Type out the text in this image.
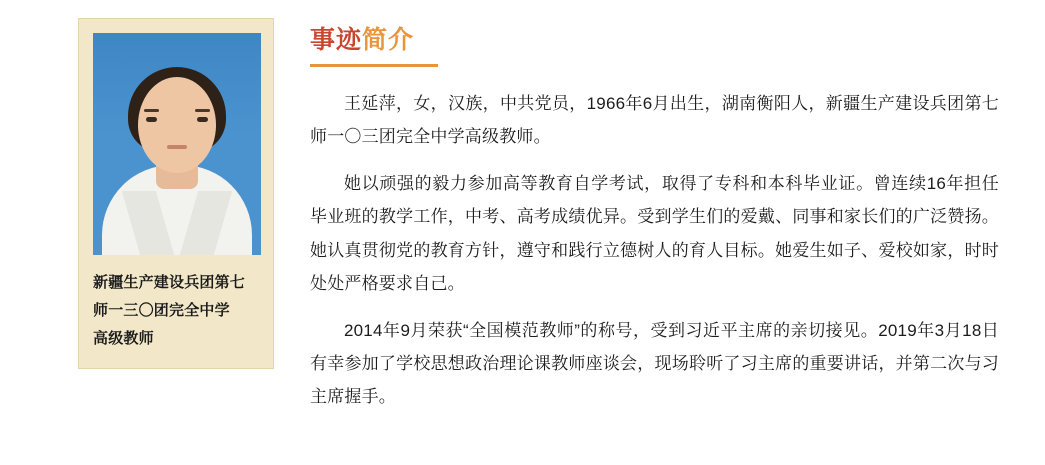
新疆生产建设兵团第七
师一三〇团完全中学
高级教师
事迹简介

王延萍，女，汉族，中共党员，1966年6月出生，湖南衡阳人，新疆生产建设兵团第七师一〇三团完全中学高级教师。

她以顽强的毅力参加高等教育自学考试，取得了专科和本科毕业证。曾连续16年担任毕业班的教学工作，中考、高考成绩优异。受到学生们的爱戴、同事和家长们的广泛赞扬。她认真贯彻党的教育方针，遵守和践行立德树人的育人目标。她爱生如子、爱校如家，时时处处严格要求自己。

2014年9月荣获“全国模范教师”的称号，受到习近平主席的亲切接见。2019年3月18日有幸参加了学校思想政治理论课教师座谈会，现场聆听了习主席的重要讲话，并第二次与习主席握手。
